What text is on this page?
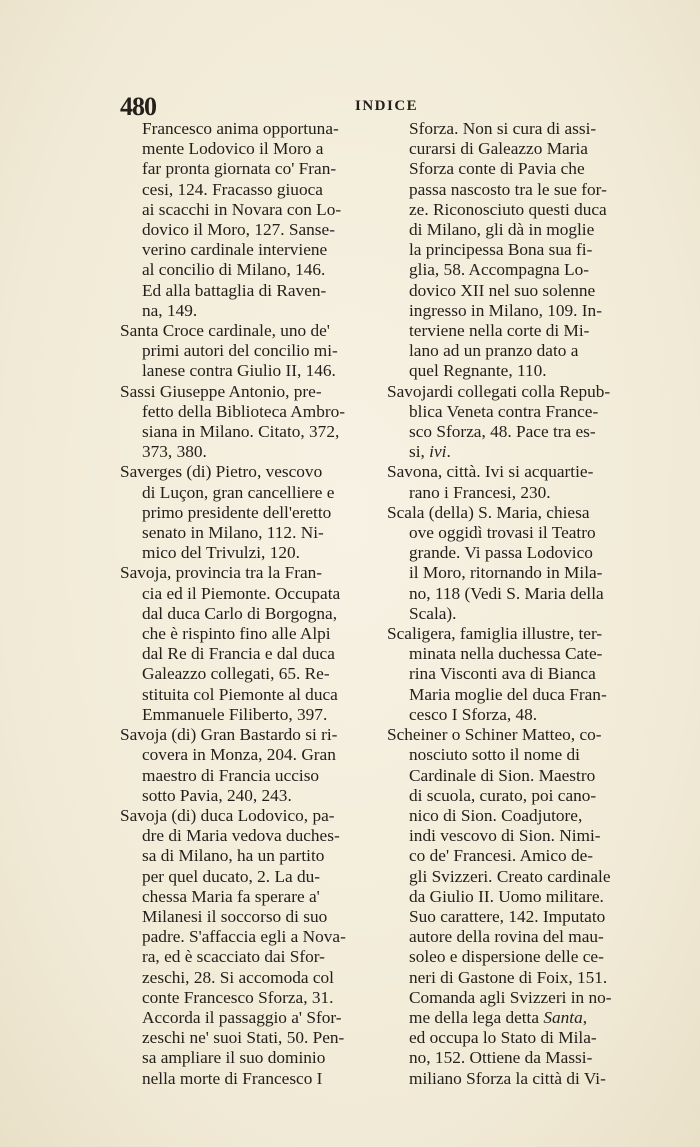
480	INDICE
Francesco anima opportuna-
mente Lodovico il Moro a
far pronta giornata co' Fran-
cesi, 124. Fracasso giuoca
ai scacchi in Novara con Lo-
dovico il Moro, 127. Sanse-
verino cardinale interviene
al concilio di Milano, 146.
Ed alla battaglia di Raven-
na, 149.
Santa Croce cardinale, uno de'
primi autori del concilio mi-
lanese contra Giulio II, 146.
Sassi Giuseppe Antonio, pre-
fetto della Biblioteca Ambro-
siana in Milano. Citato, 372,
373, 380.
Saverges (di) Pietro, vescovo
di Luçon, gran cancelliere e
primo presidente dell'eretto
senato in Milano, 112. Ni-
mico del Trivulzi, 120.
Savoja, provincia tra la Fran-
cia ed il Piemonte. Occupata
dal duca Carlo di Borgogna,
che è rispinto fino alle Alpi
dal Re di Francia e dal duca
Galeazzo collegati, 65. Re-
stituita col Piemonte al duca
Emmanuele Filiberto, 397.
Savoja (di) Gran Bastardo si ri-
covera in Monza, 204. Gran
maestro di Francia ucciso
sotto Pavia, 240, 243.
Savoja (di) duca Lodovico, pa-
dre di Maria vedova duches-
sa di Milano, ha un partito
per quel ducato, 2. La du-
chessa Maria fa sperare a'
Milanesi il soccorso di suo
padre. S'affaccia egli a Nova-
ra, ed è scacciato dai Sfor-
zeschi, 28. Si accomoda col
conte Francesco Sforza, 31.
Accorda il passaggio a' Sfor-
zeschi ne' suoi Stati, 50. Pen-
sa ampliare il suo dominio
nella morte di Francesco I
Sforza. Non si cura di assi-
curarsi di Galeazzo Maria
Sforza conte di Pavia che
passa nascosto tra le sue for-
ze. Riconosciuto questi duca
di Milano, gli dà in moglie
la principessa Bona sua fi-
glia, 58. Accompagna Lo-
dovico XII nel suo solenne
ingresso in Milano, 109. In-
terviene nella corte di Mi-
lano ad un pranzo dato a
quel Regnante, 110.
Savojardi collegati colla Repub-
blica Veneta contra France-
sco Sforza, 48. Pace tra es-
si, ivi.
Savona, città. Ivi si acquartie-
rano i Francesi, 230.
Scala (della) S. Maria, chiesa
ove oggidì trovasi il Teatro
grande. Vi passa Lodovico
il Moro, ritornando in Mila-
no, 118 (Vedi S. Maria della
Scala).
Scaligera, famiglia illustre, ter-
minata nella duchessa Cate-
rina Visconti ava di Bianca
Maria moglie del duca Fran-
cesco I Sforza, 48.
Scheiner o Schiner Matteo, co-
nosciuto sotto il nome di
Cardinale di Sion. Maestro
di scuola, curato, poi cano-
nico di Sion. Coadjutore,
indi vescovo di Sion. Nimi-
co de' Francesi. Amico de-
gli Svizzeri. Creato cardinale
da Giulio II. Uomo militare.
Suo carattere, 142. Imputato
autore della rovina del mau-
soleo e dispersione delle ce-
neri di Gastone di Foix, 151.
Comanda agli Svizzeri in no-
me della lega detta Santa,
ed occupa lo Stato di Mila-
no, 152. Ottiene da Massi-
miliano Sforza la città di Vi-
